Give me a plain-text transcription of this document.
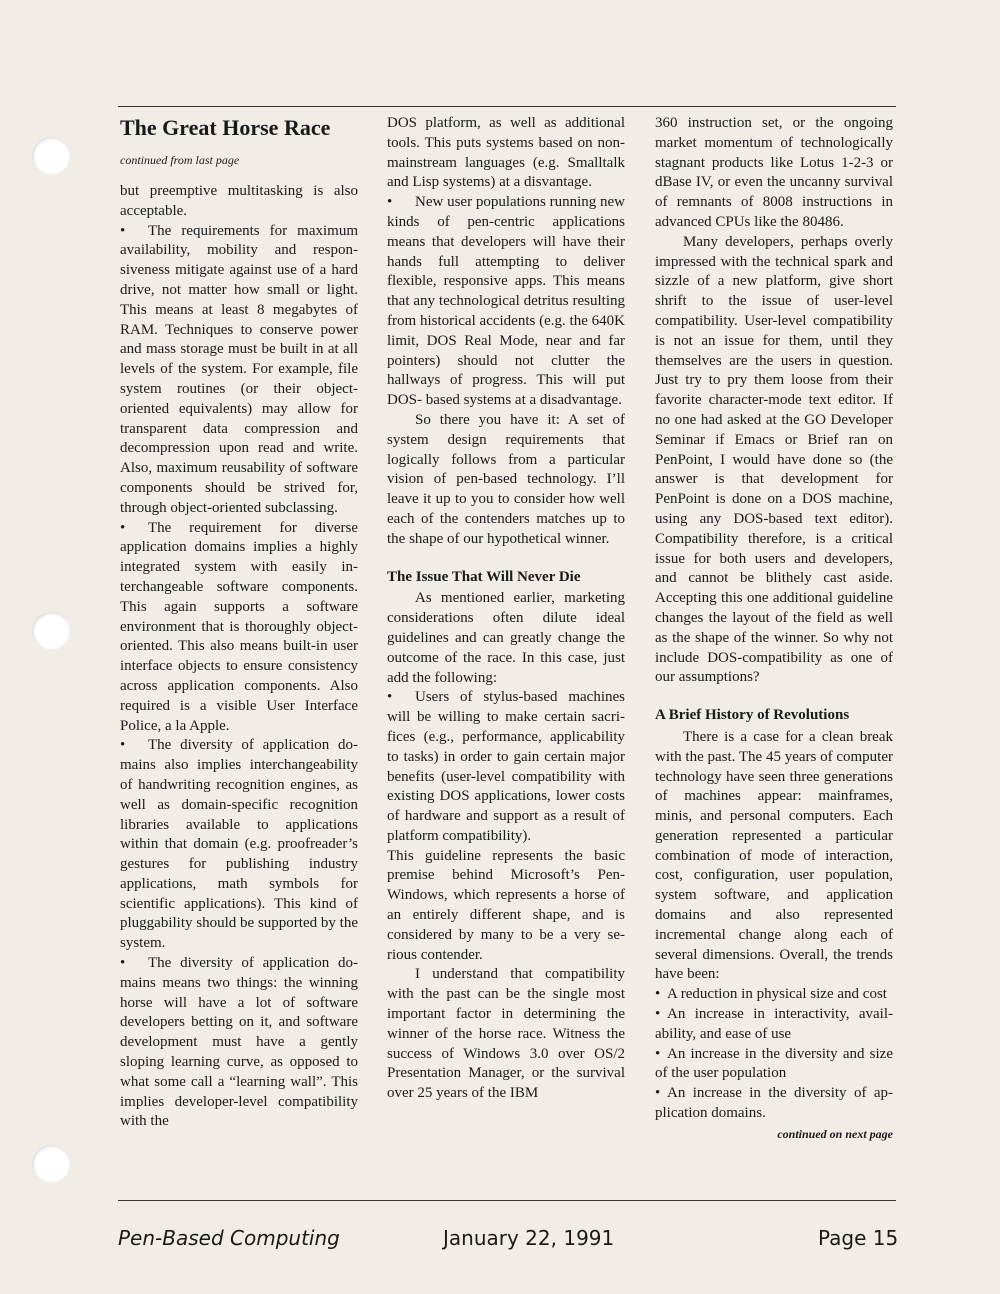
The Great Horse Race

continued from last page

but preemptive multitasking is also acceptable.

• The requirements for maximum availability, mobility and responsiveness mitigate against use of a hard drive, not matter how small or light. This means at least 8 megabytes of RAM. Techniques to conserve power and mass storage must be built in at all levels of the system. For example, file system routines (or their object-oriented equivalents) may allow for transparent data compression and decompression upon read and write. Also, maximum reusability of software components should be strived for, through object-oriented subclassing.

• The requirement for diverse application domains implies a highly integrated system with easily interchangeable software components. This again supports a software environment that is thoroughly object-oriented. This also means built-in user interface objects to ensure consistency across application components. Also required is a visible User Interface Police, a la Apple.

• The diversity of application domains also implies interchangeability of handwriting recognition engines, as well as domain-specific recognition libraries available to applications within that domain (e.g. proofreader’s gestures for publishing industry applications, math symbols for scientific applications). This kind of pluggability should be supported by the system.

• The diversity of application domains means two things: the winning horse will have a lot of software developers betting on it, and software development must have a gently sloping learning curve, as opposed to what some call a “learning wall”. This implies developer-level compatibility with the

DOS platform, as well as additional tools. This puts systems based on non-mainstream languages (e.g. Smalltalk and Lisp systems) at a disvantage.

• New user populations running new kinds of pen-centric applications means that developers will have their hands full attempting to deliver flexible, responsive apps. This means that any technological detritus resulting from historical accidents (e.g. the 640K limit, DOS Real Mode, near and far pointers) should not clutter the hallways of progress. This will put DOS- based systems at a disadvantage.

So there you have it: A set of system design requirements that logically follows from a particular vision of pen-based technology. I’ll leave it up to you to consider how well each of the contenders matches up to the shape of our hypothetical winner.

The Issue That Will Never Die

As mentioned earlier, marketing considerations often dilute ideal guidelines and can greatly change the outcome of the race. In this case, just add the following:

• Users of stylus-based machines will be willing to make certain sacrifices (e.g., performance, applicability to tasks) in order to gain certain major benefits (user-level compatibility with existing DOS applications, lower costs of hardware and support as a result of platform compatibility).

This guideline represents the basic premise behind Microsoft’s Pen-Windows, which represents a horse of an entirely different shape, and is considered by many to be a very serious contender.

I understand that compatibility with the past can be the single most important factor in determining the winner of the horse race. Witness the success of Windows 3.0 over OS/2 Presentation Manager, or the survival over 25 years of the IBM

360 instruction set, or the ongoing market momentum of technologically stagnant products like Lotus 1-2-3 or dBase IV, or even the uncanny survival of remnants of 8008 instructions in advanced CPUs like the 80486.

Many developers, perhaps overly impressed with the technical spark and sizzle of a new platform, give short shrift to the issue of user-level compatibility. User-level compatibility is not an issue for them, until they themselves are the users in question. Just try to pry them loose from their favorite character-mode text editor. If no one had asked at the GO Developer Seminar if Emacs or Brief ran on PenPoint, I would have done so (the answer is that development for PenPoint is done on a DOS machine, using any DOS-based text editor). Compatibility therefore, is a critical issue for both users and developers, and cannot be blithely cast aside. Accepting this one additional guideline changes the layout of the field as well as the shape of the winner. So why not include DOS-compatibility as one of our assumptions?

A Brief History of Revolutions

There is a case for a clean break with the past. The 45 years of computer technology have seen three generations of machines appear: mainframes, minis, and personal computers. Each generation represented a particular combination of mode of interaction, cost, configuration, user population, system software, and application domains and also represented incremental change along each of several dimensions. Overall, the trends have been:

• A reduction in physical size and cost

• An increase in interactivity, availability, and ease of use

• An increase in the diversity and size of the user population

• An increase in the diversity of application domains.

continued on next page

Pen-Based Computing	January 22, 1991	Page 15
